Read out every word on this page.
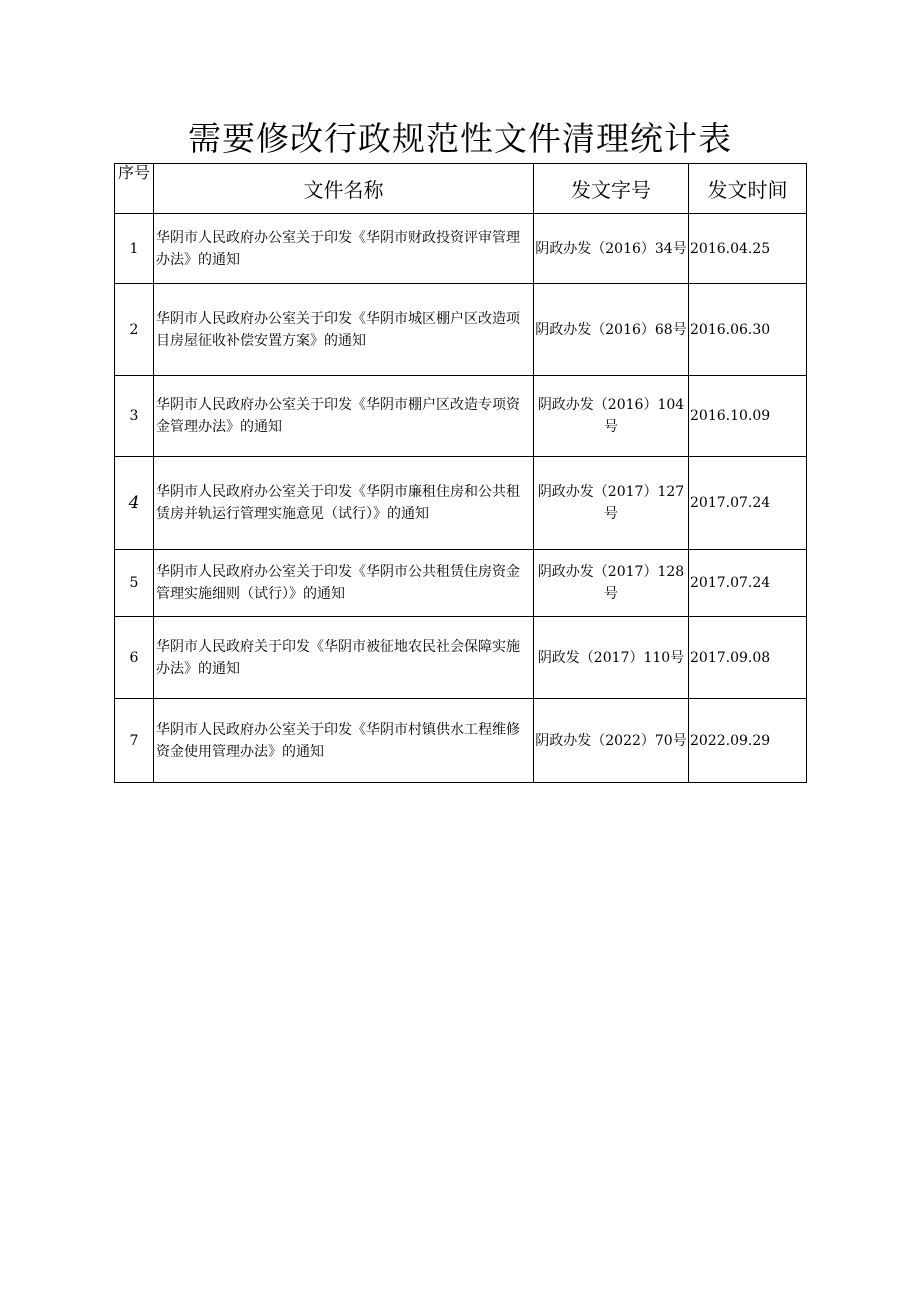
需要修改行政规范性文件清理统计表
序号	文件名称	发文字号	发文时间
1	华阴市人民政府办公室关于印发《华阴市财政投资评审管理办法》的通知	阴政办发（2016）34号	2016.04.25
2	华阴市人民政府办公室关于印发《华阴市城区棚户区改造项目房屋征收补偿安置方案》的通知	阴政办发（2016）68号	2016.06.30
3	华阴市人民政府办公室关于印发《华阴市棚户区改造专项资金管理办法》的通知	阴政办发（2016）104号	2016.10.09
4	华阴市人民政府办公室关于印发《华阴市廉租住房和公共租赁房并轨运行管理实施意见（试行）》的通知	阴政办发（2017）127号	2017.07.24
5	华阴市人民政府办公室关于印发《华阴市公共租赁住房资金管理实施细则（试行）》的通知	阴政办发（2017）128号	2017.07.24
6	华阴市人民政府关于印发《华阴市被征地农民社会保障实施办法》的通知	阴政发（2017）110号	2017.09.08
7	华阴市人民政府办公室关于印发《华阴市村镇供水工程维修资金使用管理办法》的通知	阴政办发（2022）70号	2022.09.29
